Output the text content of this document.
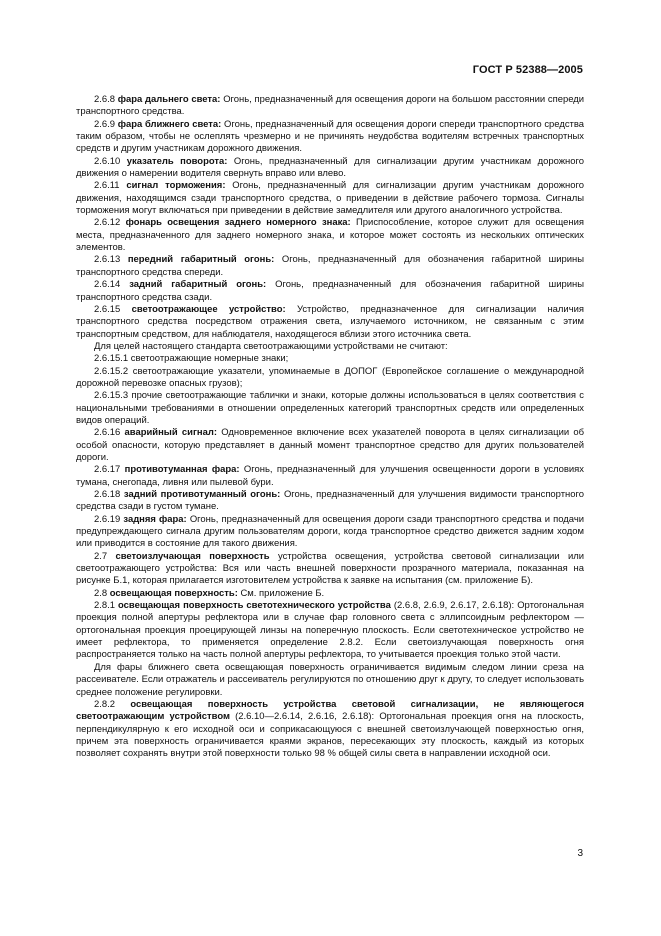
ГОСТ Р 52388—2005

2.6.8 фара дальнего света: Огонь, предназначенный для освещения дороги на большом расстоянии спереди транспортного средства.

2.6.9 фара ближнего света: Огонь, предназначенный для освещения дороги спереди транспортного средства таким образом, чтобы не ослеплять чрезмерно и не причинять неудобства водителям встречных транспортных средств и другим участникам дорожного движения.

2.6.10 указатель поворота: Огонь, предназначенный для сигнализации другим участникам дорожного движения о намерении водителя свернуть вправо или влево.

2.6.11 сигнал торможения: Огонь, предназначенный для сигнализации другим участникам дорожного движения, находящимся сзади транспортного средства, о приведении в действие рабочего тормоза. Сигналы торможения могут включаться при приведении в действие замедлителя или другого аналогичного устройства.

2.6.12 фонарь освещения заднего номерного знака: Приспособление, которое служит для освещения места, предназначенного для заднего номерного знака, и которое может состоять из нескольких оптических элементов.

2.6.13 передний габаритный огонь: Огонь, предназначенный для обозначения габаритной ширины транспортного средства спереди.

2.6.14 задний габаритный огонь: Огонь, предназначенный для обозначения габаритной ширины транспортного средства сзади.

2.6.15 светоотражающее устройство: Устройство, предназначенное для сигнализации наличия транспортного средства посредством отражения света, излучаемого источником, не связанным с этим транспортным средством, для наблюдателя, находящегося вблизи этого источника света.

Для целей настоящего стандарта светоотражающими устройствами не считают:

2.6.15.1 светоотражающие номерные знаки;

2.6.15.2 светоотражающие указатели, упоминаемые в ДОПОГ (Европейское соглашение о международной дорожной перевозке опасных грузов);

2.6.15.3 прочие светоотражающие таблички и знаки, которые должны использоваться в целях соответствия с национальными требованиями в отношении определенных категорий транспортных средств или определенных видов операций.

2.6.16 аварийный сигнал: Одновременное включение всех указателей поворота в целях сигнализации об особой опасности, которую представляет в данный момент транспортное средство для других пользователей дороги.

2.6.17 противотуманная фара: Огонь, предназначенный для улучшения освещенности дороги в условиях тумана, снегопада, ливня или пылевой бури.

2.6.18 задний противотуманный огонь: Огонь, предназначенный для улучшения видимости транспортного средства сзади в густом тумане.

2.6.19 задняя фара: Огонь, предназначенный для освещения дороги сзади транспортного средства и подачи предупреждающего сигнала другим пользователям дороги, когда транспортное средство движется задним ходом или приводится в состояние для такого движения.

2.7 светоизлучающая поверхность устройства освещения, устройства световой сигнализации или светоотражающего устройства: Вся или часть внешней поверхности прозрачного материала, показанная на рисунке Б.1, которая прилагается изготовителем устройства к заявке на испытания (см. приложение Б).

2.8 освещающая поверхность: См. приложение Б.

2.8.1 освещающая поверхность светотехнического устройства (2.6.8, 2.6.9, 2.6.17, 2.6.18): Ортогональная проекция полной апертуры рефлектора или в случае фар головного света с эллипсоидным рефлектором — ортогональная проекция проецирующей линзы на поперечную плоскость. Если светотехническое устройство не имеет рефлектора, то применяется определение 2.8.2. Если светоизлучающая поверхность огня распространяется только на часть полной апертуры рефлектора, то учитывается проекция только этой части.

Для фары ближнего света освещающая поверхность ограничивается видимым следом линии среза на рассеивателе. Если отражатель и рассеиватель регулируются по отношению друг к другу, то следует использовать среднее положение регулировки.

2.8.2 освещающая поверхность устройства световой сигнализации, не являющегося светоотражающим устройством (2.6.10—2.6.14, 2.6.16, 2.6.18): Ортогональная проекция огня на плоскость, перпендикулярную к его исходной оси и соприкасающуюся с внешней светоизлучающей поверхностью огня, причем эта поверхность ограничивается краями экранов, пересекающих эту плоскость, каждый из которых позволяет сохранять внутри этой поверхности только 98 % общей силы света в направлении исходной оси.

3
